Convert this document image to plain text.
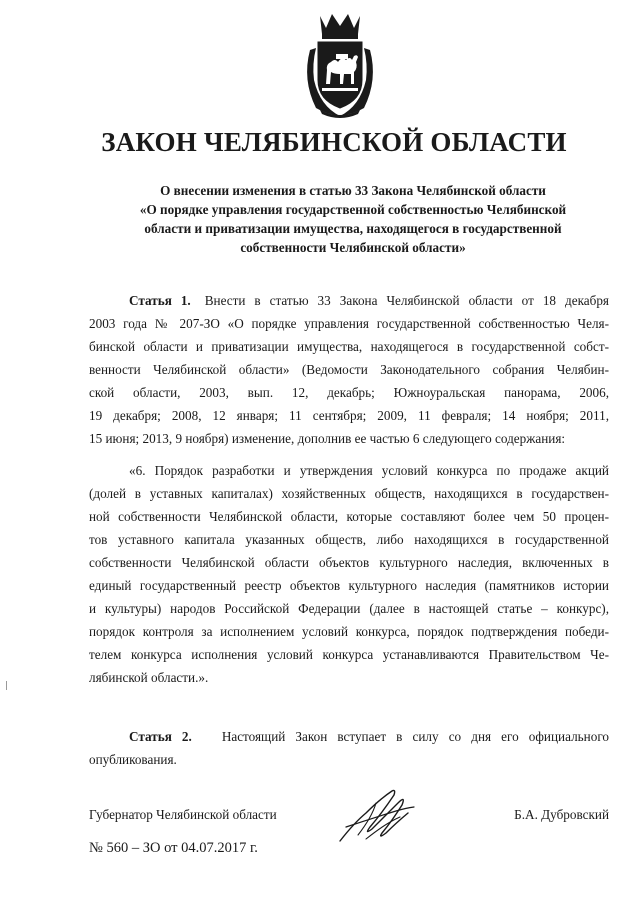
ЗАКОН ЧЕЛЯБИНСКОЙ ОБЛАСТИ
О внесении изменения в статью 33 Закона Челябинской области
«О порядке управления государственной собственностью Челябинской
области и приватизации имущества, находящегося в государственной
собственности Челябинской области»
Статья 1. Внести в статью 33 Закона Челябинской области от 18 декабря
2003 года № 207-ЗО «О порядке управления государственной собственностью Челя-
бинской области и приватизации имущества, находящегося в государственной собст-
венности Челябинской области» (Ведомости Законодательного собрания Челябин-
ской области, 2003, вып. 12, декабрь; Южноуральская панорама, 2006,
19 декабря; 2008, 12 января; 11 сентября; 2009, 11 февраля; 14 ноября; 2011,
15 июня; 2013, 9 ноября) изменение, дополнив ее частью 6 следующего содержания:
«6. Порядок разработки и утверждения условий конкурса по продаже акций
(долей в уставных капиталах) хозяйственных обществ, находящихся в государствен-
ной собственности Челябинской области, которые составляют более чем 50 процен-
тов уставного капитала указанных обществ, либо находящихся в государственной
собственности Челябинской области объектов культурного наследия, включенных в
единый государственный реестр объектов культурного наследия (памятников истории
и культуры) народов Российской Федерации (далее в настоящей статье – конкурс),
порядок контроля за исполнением условий конкурса, порядок подтверждения победи-
телем конкурса исполнения условий конкурса устанавливаются Правительством Че-
лябинской области.».
Статья 2. Настоящий Закон вступает в силу со дня его официального
опубликования.
Губернатор Челябинской области	Б.А. Дубровский
№ 560 – ЗО от 04.07.2017 г.
